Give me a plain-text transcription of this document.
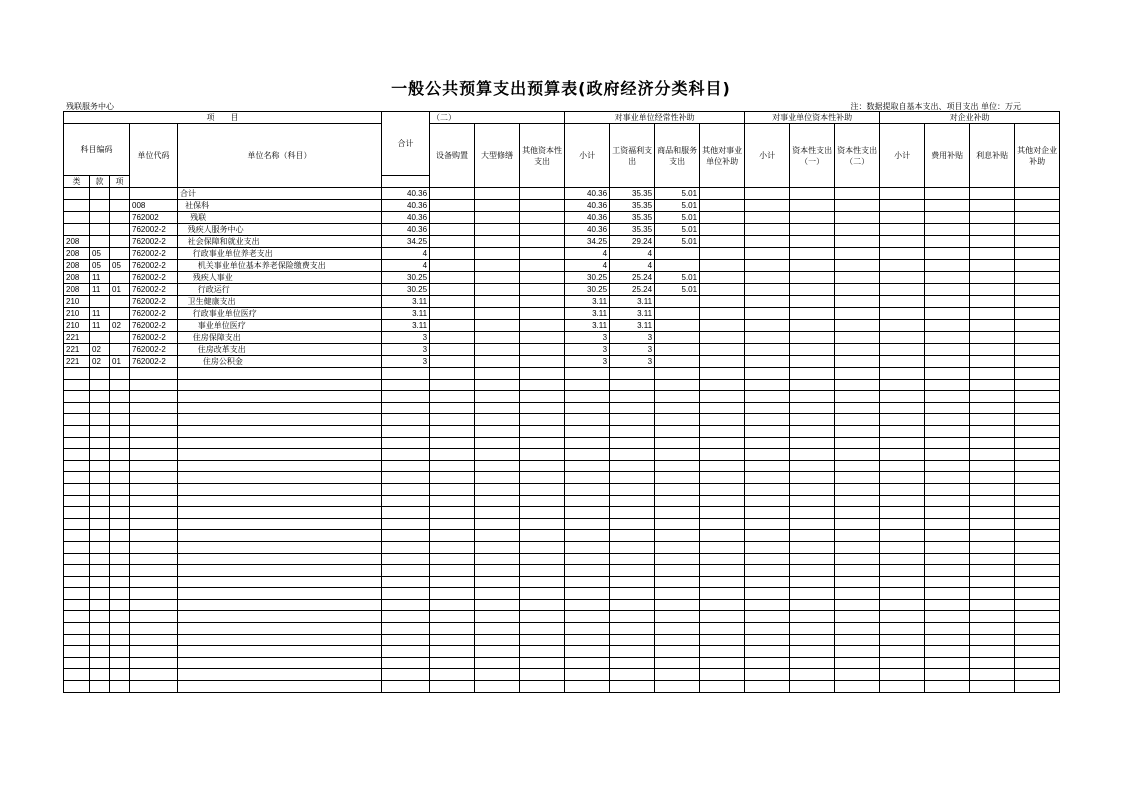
一般公共预算支出预算表(政府经济分类科目)
残联服务中心	注：数据提取自基本支出、项目支出 单位：万元
项　　目					合计	（二）			对事业单位经常性补助				对事业单位资本性补助			对企业补助			
科目编码			单位代码	单位名称（科目）		设备购置	大型修缮	其他资本性支出	小计	工资福利支出	商品和服务支出	其他对事业单位补助	小计	资本性支出（一）	资本性支出（二）	小计	费用补贴	利息补贴	其他对企业补助
类	款	项																	
				合计	40.36				40.36	35.35	5.01								
			008	社保科	40.36				40.36	35.35	5.01								
			762002	残联	40.36				40.36	35.35	5.01								
			762002-2	残疾人服务中心	40.36				40.36	35.35	5.01								
208			762002-2	社会保障和就业支出	34.25				34.25	29.24	5.01								
208	05		762002-2	行政事业单位养老支出	4				4	4									
208	05	05	762002-2	机关事业单位基本养老保险缴费支出	4				4	4									
208	11		762002-2	残疾人事业	30.25				30.25	25.24	5.01								
208	11	01	762002-2	行政运行	30.25				30.25	25.24	5.01								
210			762002-2	卫生健康支出	3.11				3.11	3.11									
210	11		762002-2	行政事业单位医疗	3.11				3.11	3.11									
210	11	02	762002-2	事业单位医疗	3.11				3.11	3.11									
221			762002-2	住房保障支出	3				3	3									
221	02		762002-2	住房改革支出	3				3	3									
221	02	01	762002-2	住房公积金	3				3	3									
